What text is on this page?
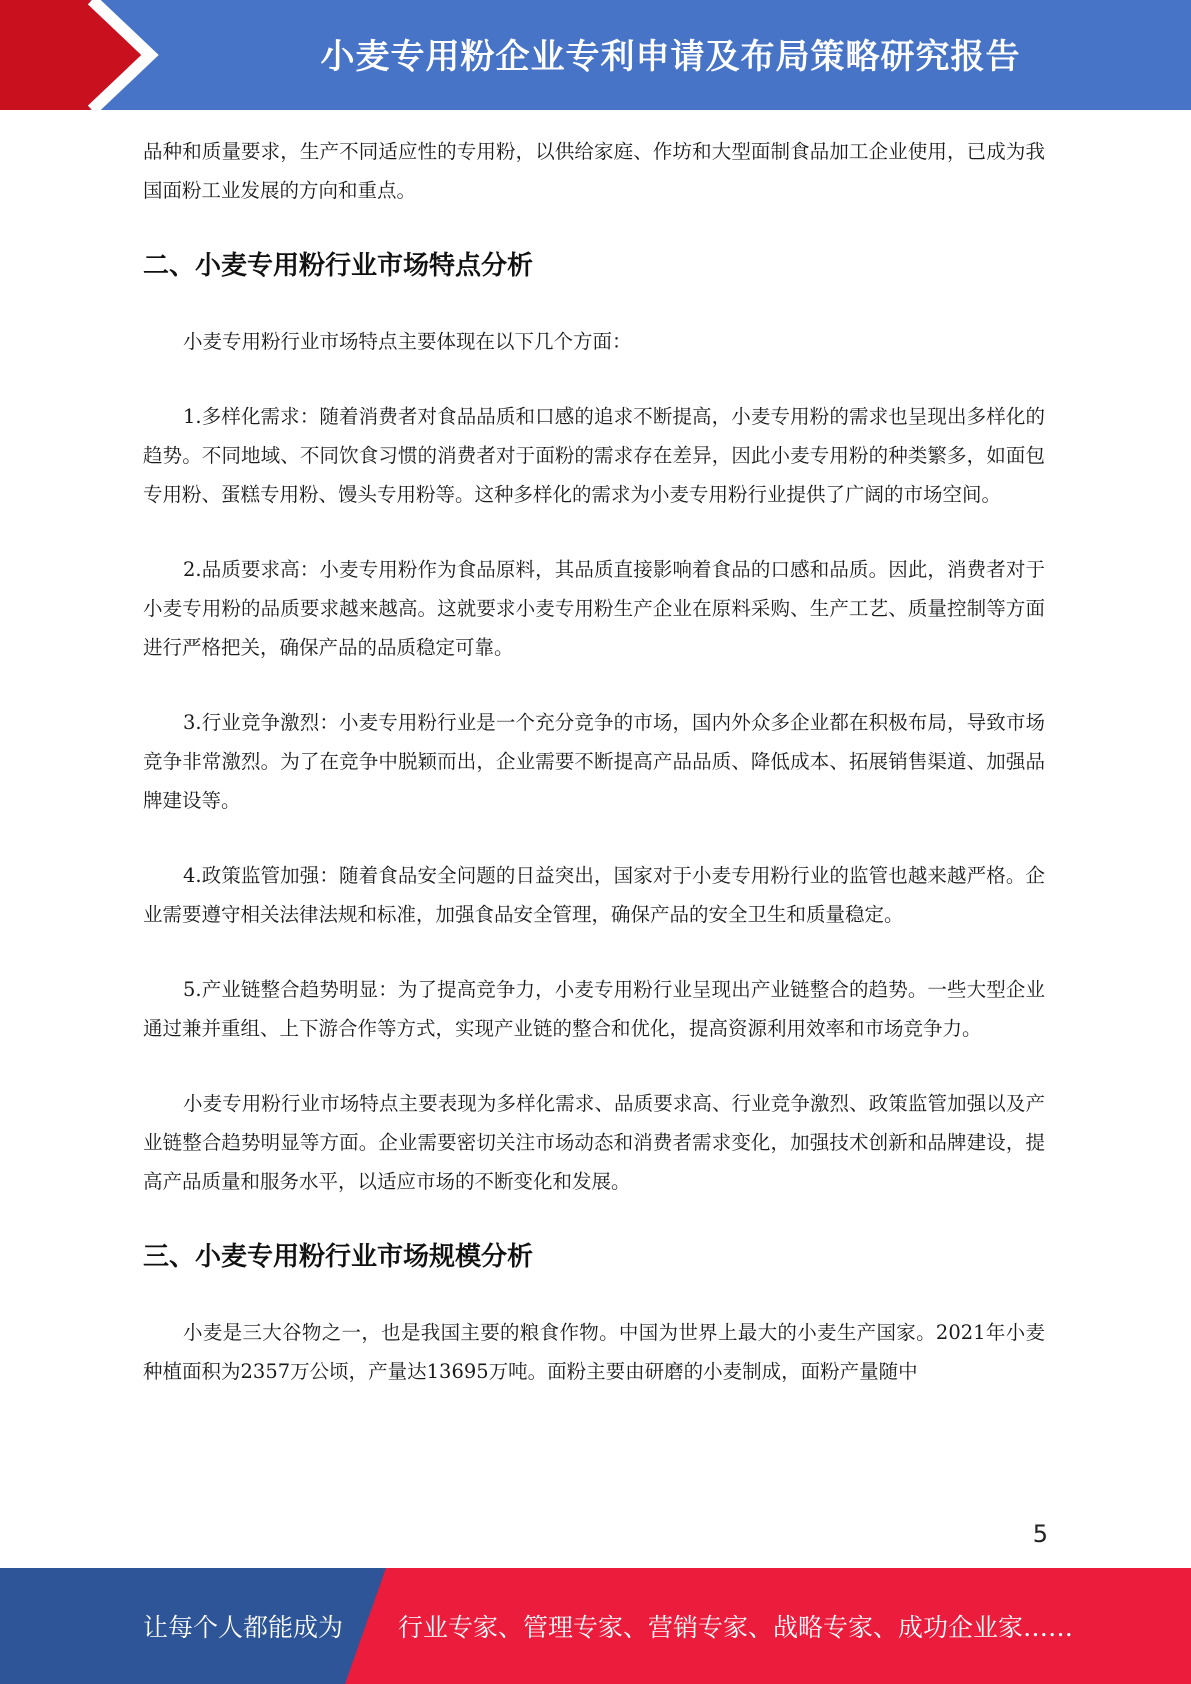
小麦专用粉企业专利申请及布局策略研究报告

品种和质量要求，生产不同适应性的专用粉，以供给家庭、作坊和大型面制食品加工企业使用，已成为我国面粉工业发展的方向和重点。

二、小麦专用粉行业市场特点分析

小麦专用粉行业市场特点主要体现在以下几个方面：

1.多样化需求：随着消费者对食品品质和口感的追求不断提高，小麦专用粉的需求也呈现出多样化的趋势。不同地域、不同饮食习惯的消费者对于面粉的需求存在差异，因此小麦专用粉的种类繁多，如面包专用粉、蛋糕专用粉、馒头专用粉等。这种多样化的需求为小麦专用粉行业提供了广阔的市场空间。

2.品质要求高：小麦专用粉作为食品原料，其品质直接影响着食品的口感和品质。因此，消费者对于小麦专用粉的品质要求越来越高。这就要求小麦专用粉生产企业在原料采购、生产工艺、质量控制等方面进行严格把关，确保产品的品质稳定可靠。

3.行业竞争激烈：小麦专用粉行业是一个充分竞争的市场，国内外众多企业都在积极布局，导致市场竞争非常激烈。为了在竞争中脱颖而出，企业需要不断提高产品品质、降低成本、拓展销售渠道、加强品牌建设等。

4.政策监管加强：随着食品安全问题的日益突出，国家对于小麦专用粉行业的监管也越来越严格。企业需要遵守相关法律法规和标准，加强食品安全管理，确保产品的安全卫生和质量稳定。

5.产业链整合趋势明显：为了提高竞争力，小麦专用粉行业呈现出产业链整合的趋势。一些大型企业通过兼并重组、上下游合作等方式，实现产业链的整合和优化，提高资源利用效率和市场竞争力。

小麦专用粉行业市场特点主要表现为多样化需求、品质要求高、行业竞争激烈、政策监管加强以及产业链整合趋势明显等方面。企业需要密切关注市场动态和消费者需求变化，加强技术创新和品牌建设，提高产品质量和服务水平，以适应市场的不断变化和发展。

三、小麦专用粉行业市场规模分析

小麦是三大谷物之一，也是我国主要的粮食作物。中国为世界上最大的小麦生产国家。2021年小麦种植面积为2357万公顷，产量达13695万吨。面粉主要由研磨的小麦制成，面粉产量随中

5
让每个人都能成为 行业专家、管理专家、营销专家、战略专家、成功企业家……
